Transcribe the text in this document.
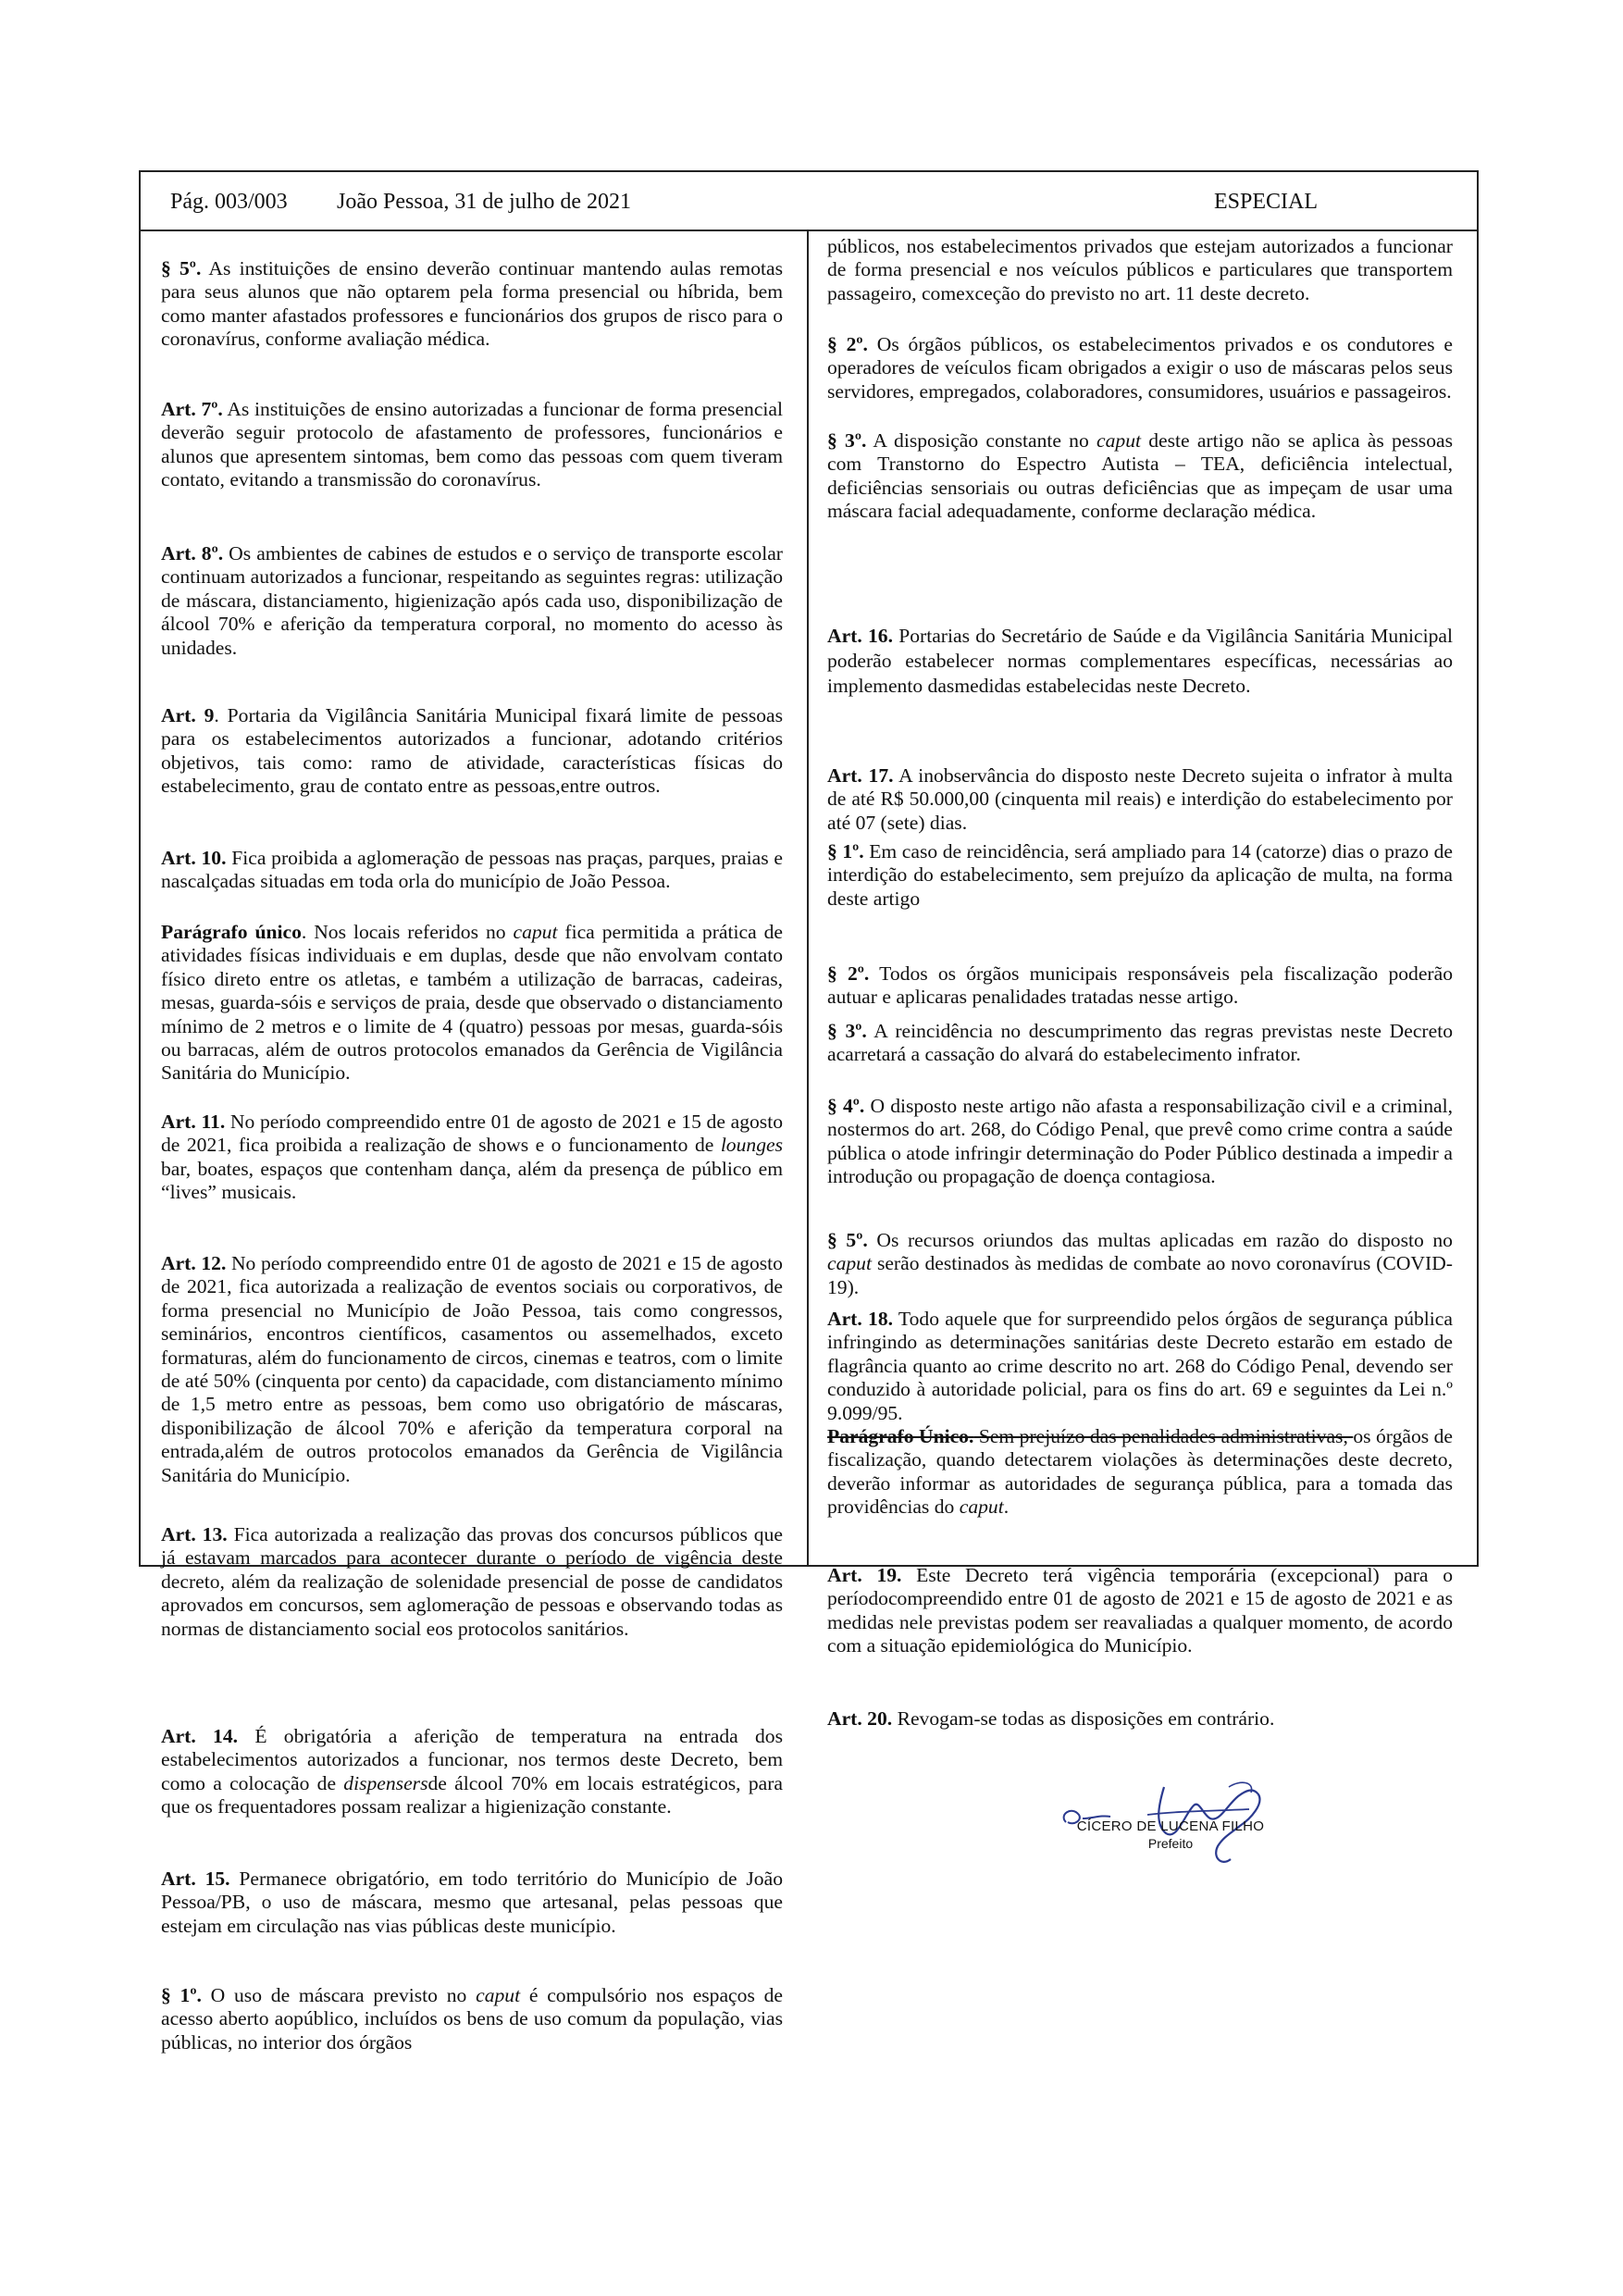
Pág. 003/003 João Pessoa, 31 de julho de 2021	ESPECIAL

§ 5º. As instituições de ensino deverão continuar mantendo aulas remotas para seus alunos que não optarem pela forma presencial ou híbrida, bem como manter afastados professores e funcionários dos grupos de risco para o coronavírus, conforme avaliação médica.

Art. 7º. As instituições de ensino autorizadas a funcionar de forma presencial deverão seguir protocolo de afastamento de professores, funcionários e alunos que apresentem sintomas, bem como das pessoas com quem tiveram contato, evitando a transmissão do coronavírus.

Art. 8º. Os ambientes de cabines de estudos e o serviço de transporte escolar continuam autorizados a funcionar, respeitando as seguintes regras: utilização de máscara, distanciamento, higienização após cada uso, disponibilização de álcool 70% e aferição da temperatura corporal, no momento do acesso às unidades.

Art. 9. Portaria da Vigilância Sanitária Municipal fixará limite de pessoas para os estabelecimentos autorizados a funcionar, adotando critérios objetivos, tais como: ramo de atividade, características físicas do estabelecimento, grau de contato entre as pessoas,entre outros.

Art. 10. Fica proibida a aglomeração de pessoas nas praças, parques, praias e nascalçadas situadas em toda orla do município de João Pessoa.

Parágrafo único. Nos locais referidos no caput fica permitida a prática de atividades físicas individuais e em duplas, desde que não envolvam contato físico direto entre os atletas, e também a utilização de barracas, cadeiras, mesas, guarda-sóis e serviços de praia, desde que observado o distanciamento mínimo de 2 metros e o limite de 4 (quatro) pessoas por mesas, guarda-sóis ou barracas, além de outros protocolos emanados da Gerência de Vigilância Sanitária do Município.

Art. 11. No período compreendido entre 01 de agosto de 2021 e 15 de agosto de 2021, fica proibida a realização de shows e o funcionamento de lounges bar, boates, espaços que contenham dança, além da presença de público em “lives” musicais.

Art. 12. No período compreendido entre 01 de agosto de 2021 e 15 de agosto de 2021, fica autorizada a realização de eventos sociais ou corporativos, de forma presencial no Município de João Pessoa, tais como congressos, seminários, encontros científicos, casamentos ou assemelhados, exceto formaturas, além do funcionamento de circos, cinemas e teatros, com o limite de até 50% (cinquenta por cento) da capacidade, com distanciamento mínimo de 1,5 metro entre as pessoas, bem como uso obrigatório de máscaras, disponibilização de álcool 70% e aferição da temperatura corporal na entrada,além de outros protocolos emanados da Gerência de Vigilância Sanitária do Município.

Art. 13. Fica autorizada a realização das provas dos concursos públicos que já estavam marcados para acontecer durante o período de vigência deste decreto, além da realização de solenidade presencial de posse de candidatos aprovados em concursos, sem aglomeração de pessoas e observando todas as normas de distanciamento social eos protocolos sanitários.

Art. 14. É obrigatória a aferição de temperatura na entrada dos estabelecimentos autorizados a funcionar, nos termos deste Decreto, bem como a colocação de dispensersde álcool 70% em locais estratégicos, para que os frequentadores possam realizar a higienização constante.

Art. 15. Permanece obrigatório, em todo território do Município de João Pessoa/PB, o uso de máscara, mesmo que artesanal, pelas pessoas que estejam em circulação nas vias públicas deste município.

§ 1º. O uso de máscara previsto no caput é compulsório nos espaços de acesso aberto aopúblico, incluídos os bens de uso comum da população, vias públicas, no interior dos órgãos

públicos, nos estabelecimentos privados que estejam autorizados a funcionar de forma presencial e nos veículos públicos e particulares que transportem passageiro, comexceção do previsto no art. 11 deste decreto.

§ 2º. Os órgãos públicos, os estabelecimentos privados e os condutores e operadores de veículos ficam obrigados a exigir o uso de máscaras pelos seus servidores, empregados, colaboradores, consumidores, usuários e passageiros.

§ 3º. A disposição constante no caput deste artigo não se aplica às pessoas com Transtorno do Espectro Autista – TEA, deficiência intelectual, deficiências sensoriais ou outras deficiências que as impeçam de usar uma máscara facial adequadamente, conforme declaração médica.

Art. 16. Portarias do Secretário de Saúde e da Vigilância Sanitária Municipal poderão estabelecer normas complementares específicas, necessárias ao implemento dasmedidas estabelecidas neste Decreto.

Art. 17. A inobservância do disposto neste Decreto sujeita o infrator à multa de até R$ 50.000,00 (cinquenta mil reais) e interdição do estabelecimento por até 07 (sete) dias.

§ 1º. Em caso de reincidência, será ampliado para 14 (catorze) dias o prazo de interdição do estabelecimento, sem prejuízo da aplicação de multa, na forma deste artigo

§ 2º. Todos os órgãos municipais responsáveis pela fiscalização poderão autuar e aplicaras penalidades tratadas nesse artigo.

§ 3º. A reincidência no descumprimento das regras previstas neste Decreto acarretará a cassação do alvará do estabelecimento infrator.

§ 4º. O disposto neste artigo não afasta a responsabilização civil e a criminal, nostermos do art. 268, do Código Penal, que prevê como crime contra a saúde pública o atode infringir determinação do Poder Público destinada a impedir a introdução ou propagação de doença contagiosa.

§ 5º. Os recursos oriundos das multas aplicadas em razão do disposto no caput serão destinados às medidas de combate ao novo coronavírus (COVID-19).

Art. 18. Todo aquele que for surpreendido pelos órgãos de segurança pública infringindo as determinações sanitárias deste Decreto estarão em estado de flagrância quanto ao crime descrito no art. 268 do Código Penal, devendo ser conduzido à autoridade policial, para os fins do art. 69 e seguintes da Lei n.º 9.099/95.

Parágrafo Único. Sem prejuízo das penalidades administrativas, os órgãos de fiscalização, quando detectarem violações às determinações deste decreto, deverão informar as autoridades de segurança pública, para a tomada das providências do caput.

Art. 19. Este Decreto terá vigência temporária (excepcional) para o períodocompreendido entre 01 de agosto de 2021 e 15 de agosto de 2021 e as medidas nele previstas podem ser reavaliadas a qualquer momento, de acordo com a situação epidemiológica do Município.

Art. 20. Revogam-se todas as disposições em contrário.

CÍCERO DE LUCENA FILHO
Prefeito
